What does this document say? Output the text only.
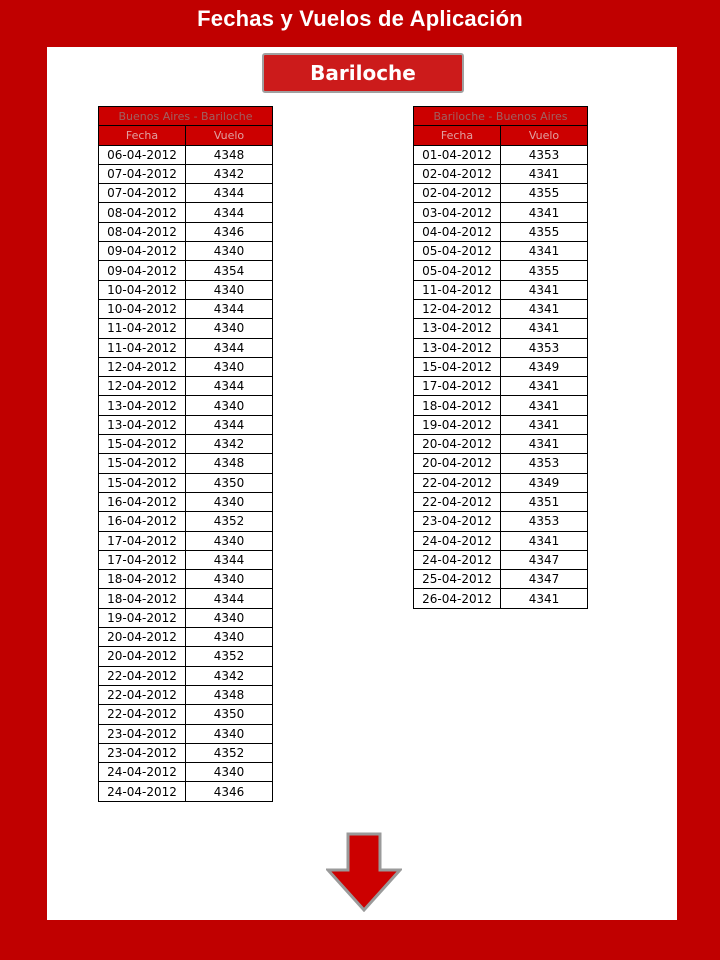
Fechas y Vuelos de Aplicación
Bariloche
Buenos Aires - Bariloche	
Fecha	Vuelo
06-04-2012	4348
07-04-2012	4342
07-04-2012	4344
08-04-2012	4344
08-04-2012	4346
09-04-2012	4340
09-04-2012	4354
10-04-2012	4340
10-04-2012	4344
11-04-2012	4340
11-04-2012	4344
12-04-2012	4340
12-04-2012	4344
13-04-2012	4340
13-04-2012	4344
15-04-2012	4342
15-04-2012	4348
15-04-2012	4350
16-04-2012	4340
16-04-2012	4352
17-04-2012	4340
17-04-2012	4344
18-04-2012	4340
18-04-2012	4344
19-04-2012	4340
20-04-2012	4340
20-04-2012	4352
22-04-2012	4342
22-04-2012	4348
22-04-2012	4350
23-04-2012	4340
23-04-2012	4352
24-04-2012	4340
24-04-2012	4346
Bariloche - Buenos Aires	
Fecha	Vuelo
01-04-2012	4353
02-04-2012	4341
02-04-2012	4355
03-04-2012	4341
04-04-2012	4355
05-04-2012	4341
05-04-2012	4355
11-04-2012	4341
12-04-2012	4341
13-04-2012	4341
13-04-2012	4353
15-04-2012	4349
17-04-2012	4341
18-04-2012	4341
19-04-2012	4341
20-04-2012	4341
20-04-2012	4353
22-04-2012	4349
22-04-2012	4351
23-04-2012	4353
24-04-2012	4341
24-04-2012	4347
25-04-2012	4347
26-04-2012	4341
